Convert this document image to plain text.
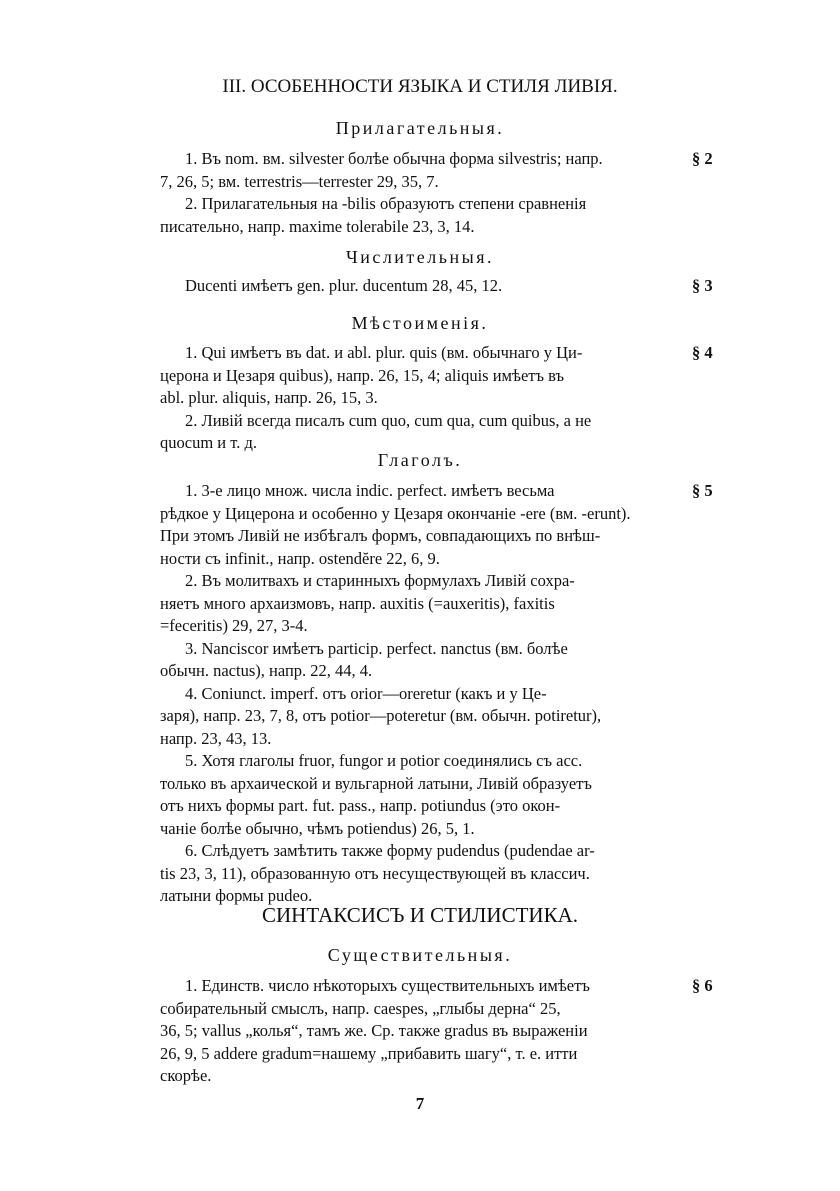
III. ОСОБЕННОСТИ ЯЗЫКА И СТИЛЯ ЛИВІЯ.
Прилагательныя.
§ 2
1. Въ nom. вм. silvester болѣе обычна форма silvestris; напр.
7, 26, 5; вм. terrestris—terrester 29, 35, 7.
2. Прилагательныя на -bilis образуютъ степени сравненія
писательно, напр. maxime tolerabile 23, 3, 14.
Числительныя.
§ 3
Ducenti имѣетъ gen. plur. ducentum 28, 45, 12.
Мѣстоименія.
§ 4
1. Qui имѣетъ въ dat. и abl. plur. quis (вм. обычнаго у Ци-
церона и Цезаря quibus), напр. 26, 15, 4; aliquis имѣетъ въ
abl. plur. aliquis, напр. 26, 15, 3.
2. Ливій всегда писалъ cum quo, cum qua, cum quibus, а не
quocum и т. д.
Глаголъ.
§ 5
1. 3-е лицо множ. числа indic. perfect. имѣетъ весьма
рѣдкое у Цицерона и особенно у Цезаря окончаніе -ere (вм. -erunt).
При этомъ Ливій не избѣгалъ формъ, совпадающихъ по внѣш-
ности съ infinit., напр. ostendĕre 22, 6, 9.
2. Въ молитвахъ и старинныхъ формулахъ Ливій сохра-
няетъ много архаизмовъ, напр. auxitis (=auxeritis), faxitis
=feceritis) 29, 27, 3-4.
3. Nanciscor имѣетъ particip. perfect. nanctus (вм. болѣе
обычн. nactus), напр. 22, 44, 4.
4. Coniunct. imperf. отъ orior—oreretur (какъ и у Це-
заря), напр. 23, 7, 8, отъ potior—poteretur (вм. обычн. potiretur),
напр. 23, 43, 13.
5. Хотя глаголы fruor, fungor и potior соединялись съ acc.
только въ архаической и вульгарной латыни, Ливій образуетъ
отъ нихъ формы part. fut. pass., напр. potiundus (это окон-
чаніе болѣе обычно, чѣмъ potiendus) 26, 5, 1.
6. Слѣдуетъ замѣтить также форму pudendus (pudendae ar-
tis 23, 3, 11), образованную отъ несуществующей въ классич.
латыни формы pudeo.
СИНТАКСИСЪ И СТИЛИСТИКА.
Существительныя.
§ 6
1. Единств. число нѣкоторыхъ существительныхъ имѣетъ
собирательный смыслъ, напр. caespes, „глыбы дерна“ 25,
36, 5; vallus „колья“, тамъ же. Ср. также gradus въ выраженіи
26, 9, 5 addere gradum=нашему „прибавить шагу“, т. е. итти
скорѣе.
7
